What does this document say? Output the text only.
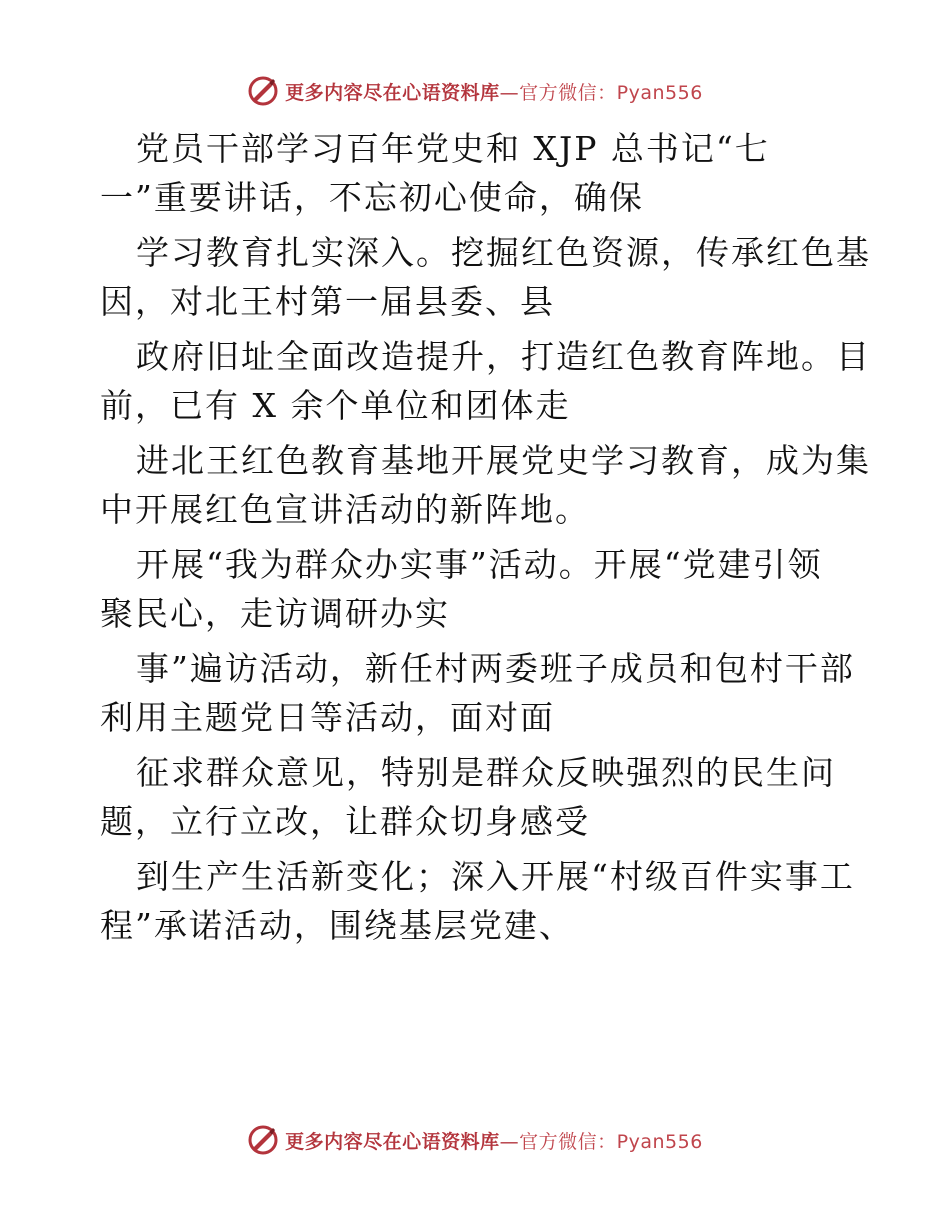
更多内容尽在心语资料库—官方微信：Pyan556
党员干部学习百年党史和 XJP 总书记“七
一”重要讲话，不忘初心使命，确保
学习教育扎实深入。挖掘红色资源，传承红色基
因，对北王村第一届县委、县
政府旧址全面改造提升，打造红色教育阵地。目
前，已有 X 余个单位和团体走
进北王红色教育基地开展党史学习教育，成为集
中开展红色宣讲活动的新阵地。
开展“我为群众办实事”活动。开展“党建引领
聚民心，走访调研办实
事”遍访活动，新任村两委班子成员和包村干部
利用主题党日等活动，面对面
征求群众意见，特别是群众反映强烈的民生问
题，立行立改，让群众切身感受
到生产生活新变化；深入开展“村级百件实事工
程”承诺活动，围绕基层党建、
更多内容尽在心语资料库—官方微信：Pyan556
